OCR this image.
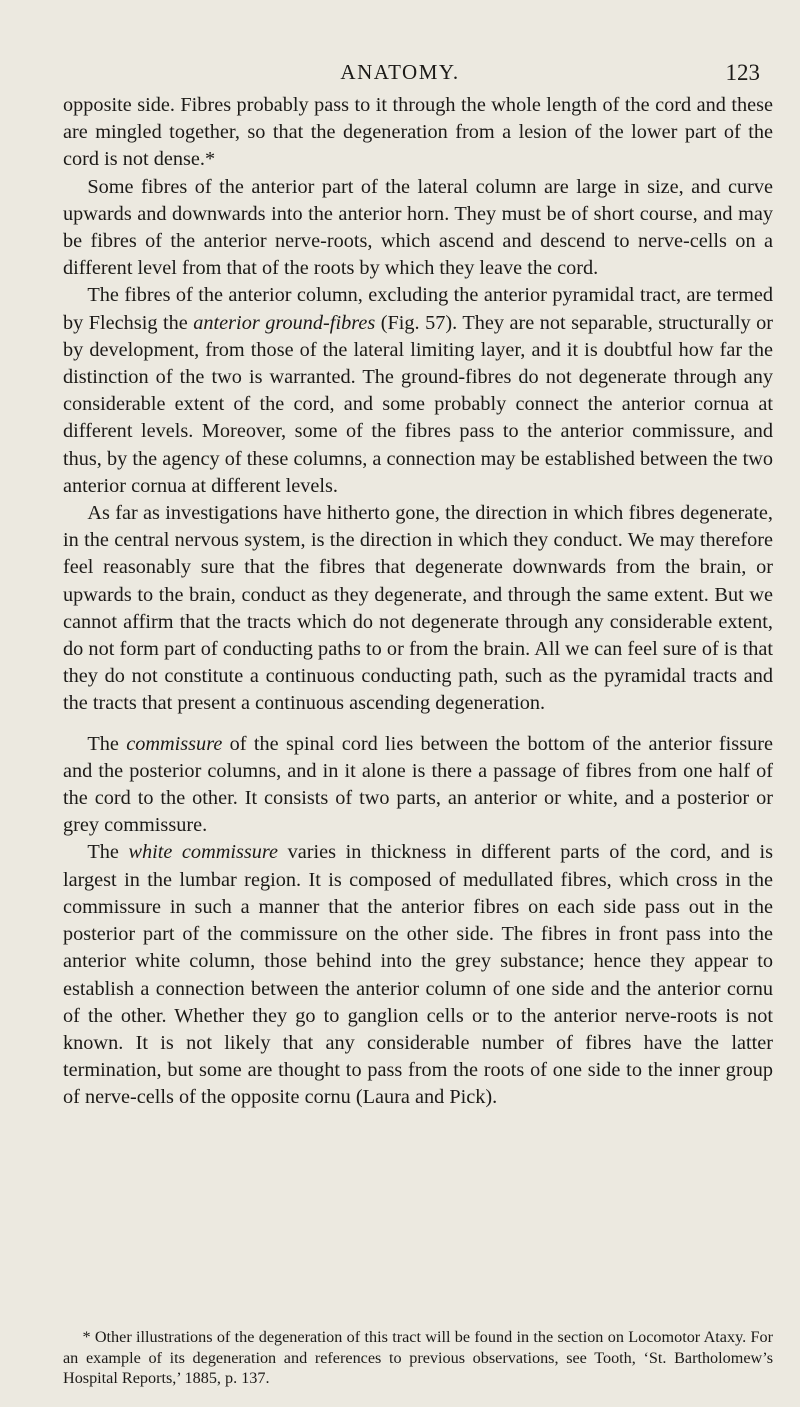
ANATOMY.	123

opposite side. Fibres probably pass to it through the whole length of the cord and these are mingled together, so that the degeneration from a lesion of the lower part of the cord is not dense.*

Some fibres of the anterior part of the lateral column are large in size, and curve upwards and downwards into the anterior horn. They must be of short course, and may be fibres of the anterior nerve-roots, which ascend and descend to nerve-cells on a different level from that of the roots by which they leave the cord.

The fibres of the anterior column, excluding the anterior pyramidal tract, are termed by Flechsig the anterior ground-fibres (Fig. 57). They are not separable, structurally or by development, from those of the lateral limiting layer, and it is doubtful how far the distinction of the two is warranted. The ground-fibres do not degenerate through any considerable extent of the cord, and some probably connect the anterior cornua at different levels. Moreover, some of the fibres pass to the anterior commissure, and thus, by the agency of these columns, a connection may be established between the two anterior cornua at different levels.

As far as investigations have hitherto gone, the direction in which fibres degenerate, in the central nervous system, is the direction in which they conduct. We may therefore feel reasonably sure that the fibres that degenerate downwards from the brain, or upwards to the brain, conduct as they degenerate, and through the same extent. But we cannot affirm that the tracts which do not degenerate through any considerable extent, do not form part of conducting paths to or from the brain. All we can feel sure of is that they do not constitute a continuous conducting path, such as the pyramidal tracts and the tracts that present a continuous ascending degeneration.

The commissure of the spinal cord lies between the bottom of the anterior fissure and the posterior columns, and in it alone is there a passage of fibres from one half of the cord to the other. It consists of two parts, an anterior or white, and a posterior or grey commissure.

The white commissure varies in thickness in different parts of the cord, and is largest in the lumbar region. It is composed of medullated fibres, which cross in the commissure in such a manner that the anterior fibres on each side pass out in the posterior part of the commissure on the other side. The fibres in front pass into the anterior white column, those behind into the grey substance; hence they appear to establish a connection between the anterior column of one side and the anterior cornu of the other. Whether they go to ganglion cells or to the anterior nerve-roots is not known. It is not likely that any considerable number of fibres have the latter termination, but some are thought to pass from the roots of one side to the inner group of nerve-cells of the opposite cornu (Laura and Pick).

* Other illustrations of the degeneration of this tract will be found in the section on Locomotor Ataxy. For an example of its degeneration and references to previous observations, see Tooth, ‘St. Bartholomew’s Hospital Reports,’ 1885, p. 137.
